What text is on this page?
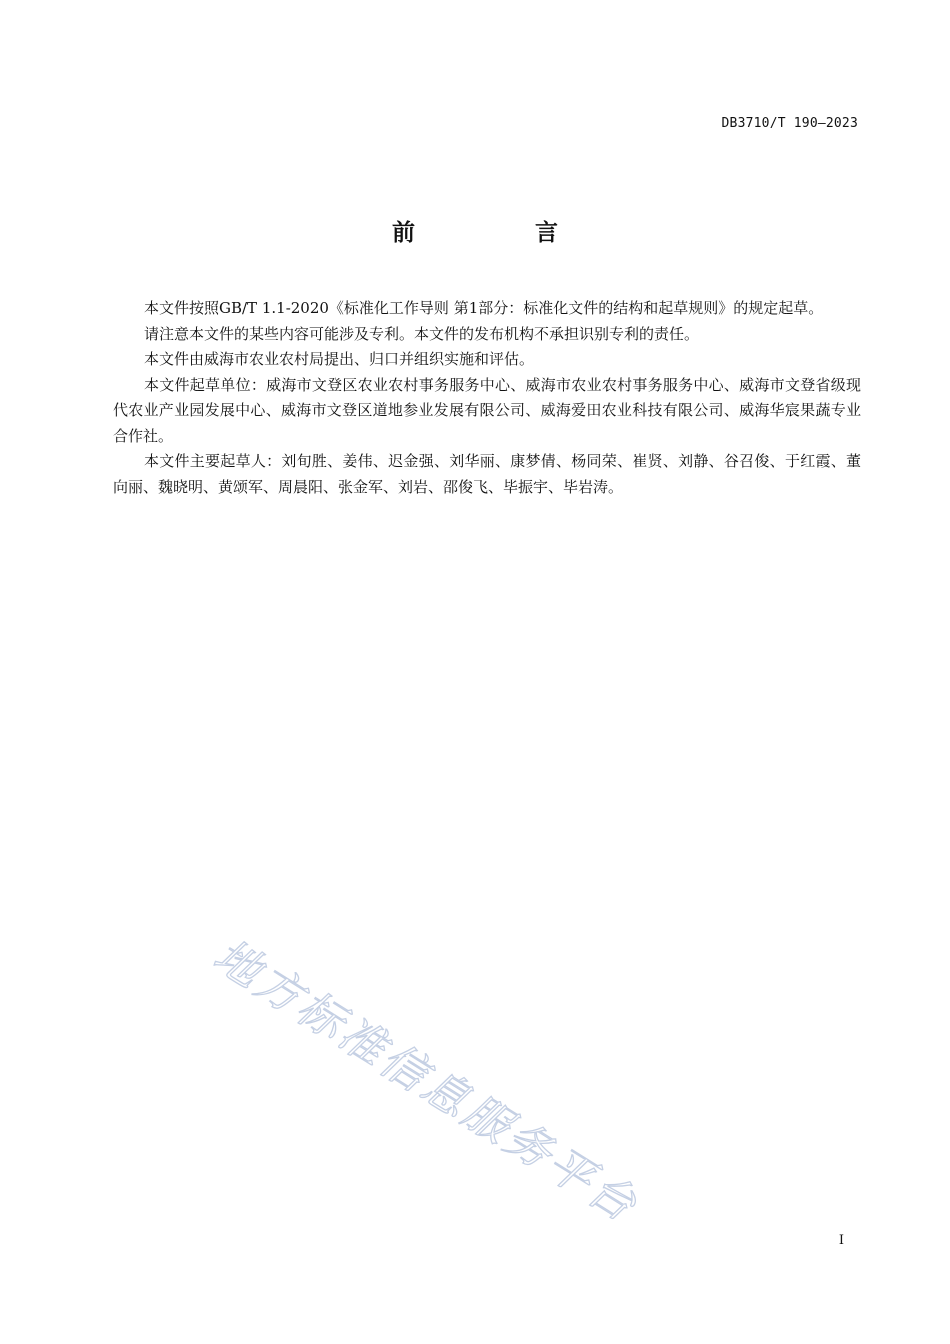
DB3710/T 190—2023
前 言

本文件按照GB/T 1.1-2020《标准化工作导则 第1部分：标准化文件的结构和起草规则》的规定起草。

请注意本文件的某些内容可能涉及专利。本文件的发布机构不承担识别专利的责任。

本文件由威海市农业农村局提出、归口并组织实施和评估。

本文件起草单位：威海市文登区农业农村事务服务中心、威海市农业农村事务服务中心、威海市文登省级现代农业产业园发展中心、威海市文登区道地参业发展有限公司、威海爱田农业科技有限公司、威海华宸果蔬专业合作社。

本文件主要起草人：刘旬胜、姜伟、迟金强、刘华丽、康梦倩、杨同荣、崔贤、刘静、谷召俊、于红霞、董向丽、魏晓明、黄颂军、周晨阳、张金军、刘岩、邵俊飞、毕振宇、毕岩涛。

地方标准信息服务平台
I
